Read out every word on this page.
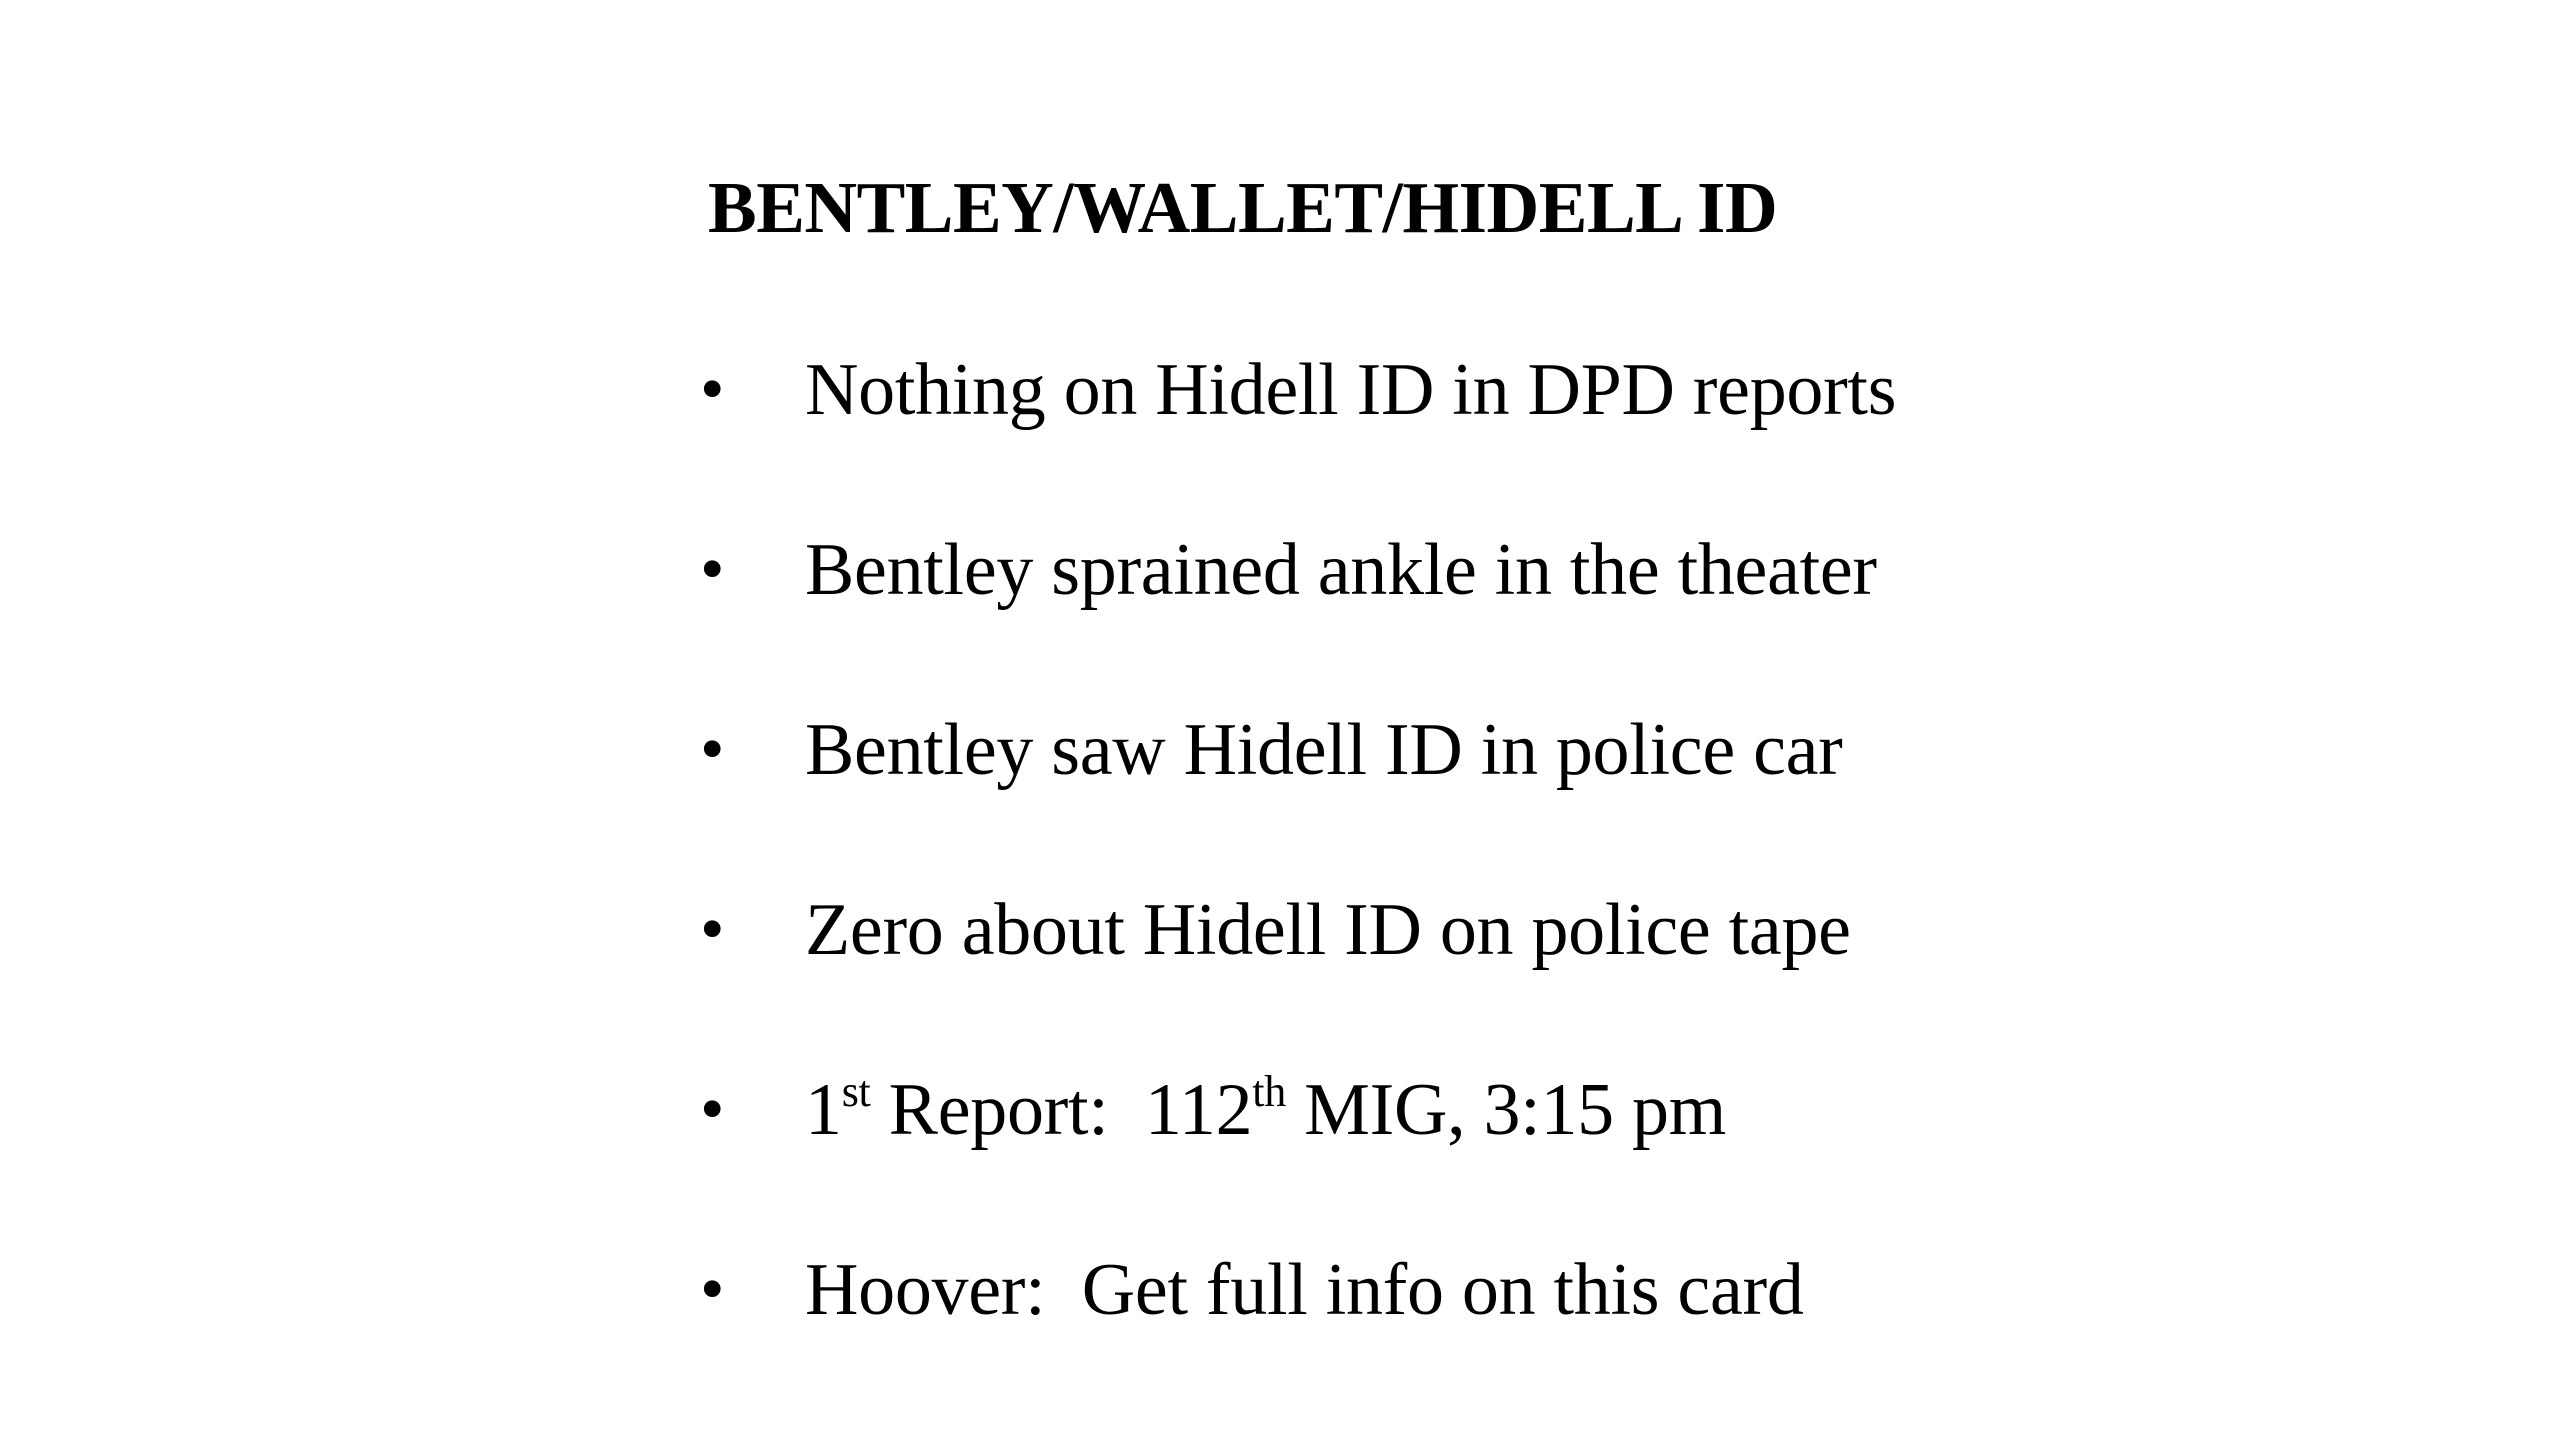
BENTLEY/WALLET/HIDELL ID
• Nothing on Hidell ID in DPD reports
• Bentley sprained ankle in the theater
• Bentley saw Hidell ID in police car
• Zero about Hidell ID on police tape
• 1st Report:  112th MIG, 3:15 pm
• Hoover:  Get full info on this card
